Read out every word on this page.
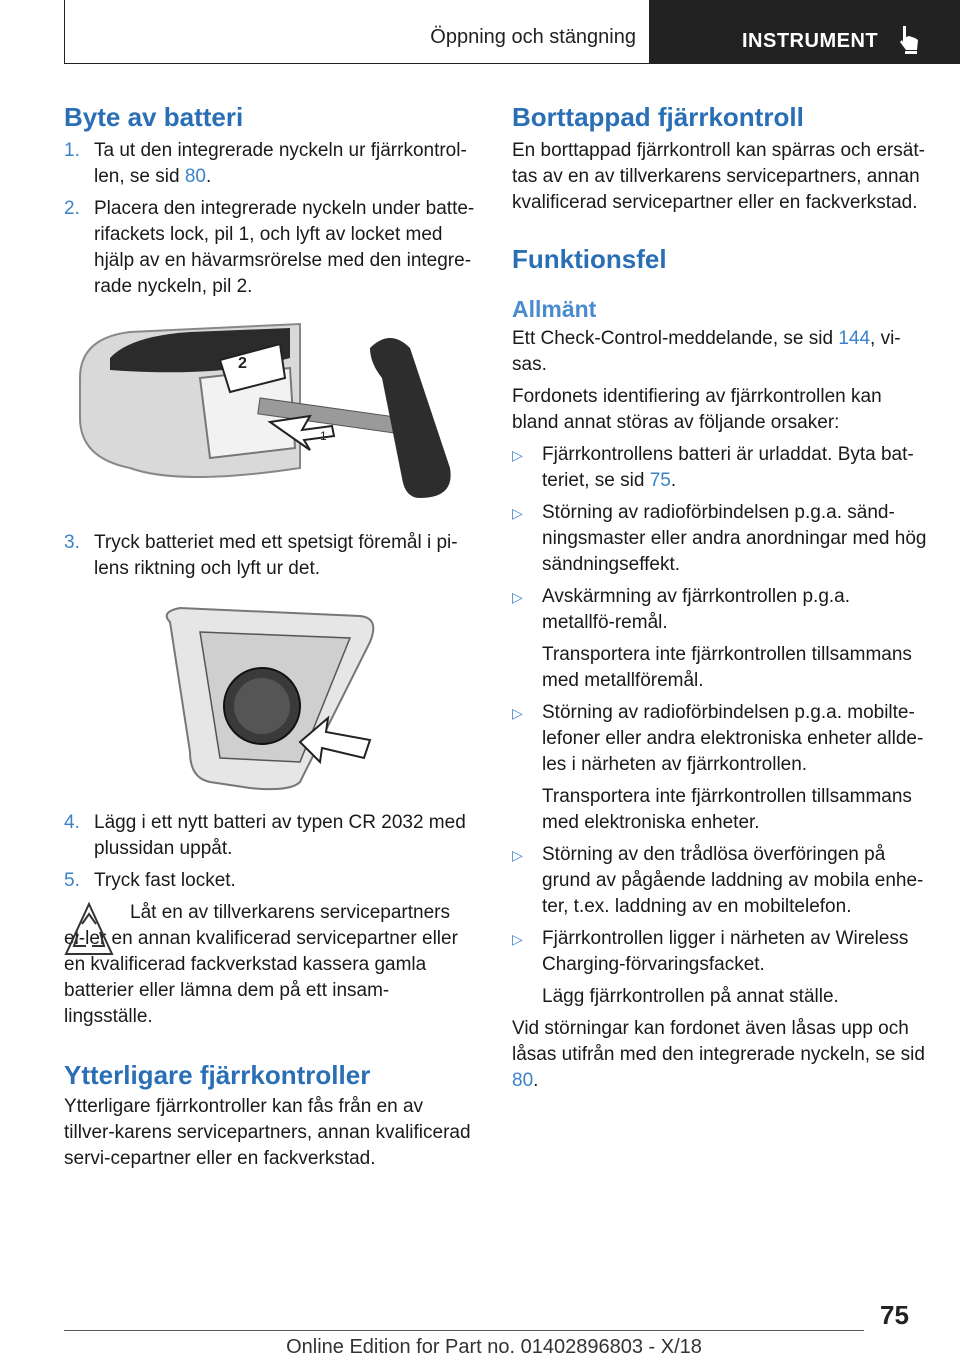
Öppning och stängning	INSTRUMENT
Byte av batteri
1. Ta ut den integrerade nyckeln ur fjärrkontrol-len, se sid 80.
2. Placera den integrerade nyckeln under batte-rifackets lock, pil 1, och lyft av locket med hjälp av en hävarmsrörelse med den integre-rade nyckeln, pil 2.
2
1
3. Tryck batteriet med ett spetsigt föremål i pi-lens riktning och lyft ur det.
4. Lägg i ett nytt batteri av typen CR 2032 med plussidan uppåt.
5. Tryck fast locket.

Låt en av tillverkarens servicepartners el-ler en annan kvalificerad servicepartner eller en kvalificerad fackverkstad kassera gamla batterier eller lämna dem på ett insam-lingsställe.

Ytterligare fjärrkontroller

Ytterligare fjärrkontroller kan fås från en av tillver-karens servicepartners, annan kvalificerad servi-cepartner eller en fackverkstad.

Borttappad fjärrkontroll

En borttappad fjärrkontroll kan spärras och ersät-tas av en av tillverkarens servicepartners, annan kvalificerad servicepartner eller en fackverkstad.

Funktionsfel
Allmänt

Ett Check-Control-meddelande, se sid 144, vi-sas.

Fordonets identifiering av fjärrkontrollen kan bland annat störas av följande orsaker:

▷ Fjärrkontrollens batteri är urladdat. Byta bat-teriet, se sid 75.
▷ Störning av radioförbindelsen p.g.a. sänd-ningsmaster eller andra anordningar med hög sändningseffekt.
▷ Avskärmning av fjärrkontrollen p.g.a. metallfö-remål.

Transportera inte fjärrkontrollen tillsammans med metallföremål.

▷ Störning av radioförbindelsen p.g.a. mobilte-lefoner eller andra elektroniska enheter allde-les i närheten av fjärrkontrollen.

Transportera inte fjärrkontrollen tillsammans med elektroniska enheter.

▷ Störning av den trådlösa överföringen på grund av pågående laddning av mobila enhe-ter, t.ex. laddning av en mobiltelefon.
▷ Fjärrkontrollen ligger i närheten av Wireless Charging-förvaringsfacket.

Lägg fjärrkontrollen på annat ställe.

Vid störningar kan fordonet även låsas upp och låsas utifrån med den integrerade nyckeln, se sid 80.

75
Online Edition for Part no. 01402896803 - X/18
